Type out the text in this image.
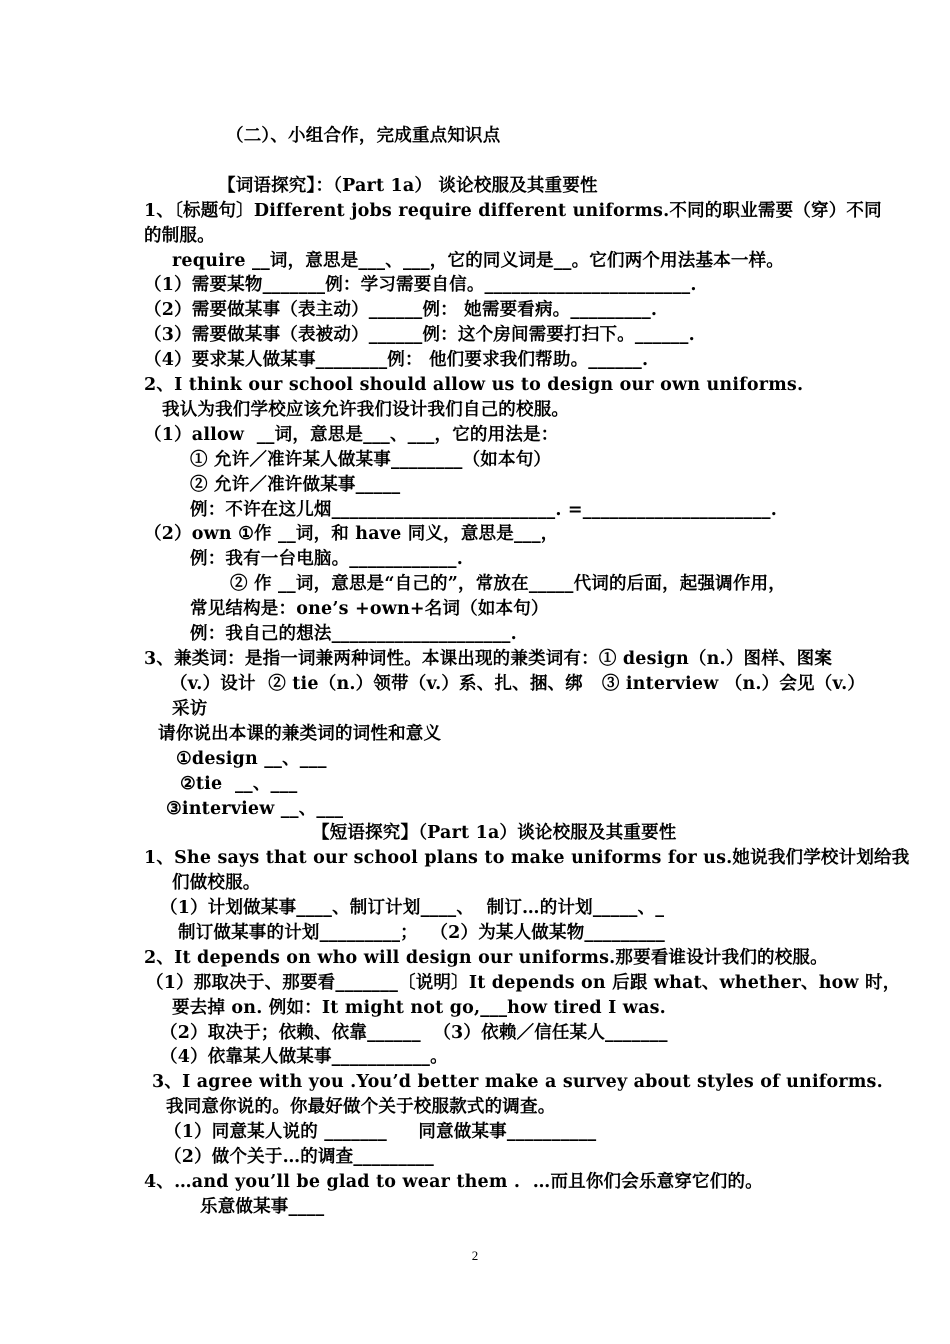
（二）、小组合作，完成重点知识点
【词语探究】：（Part 1a） 谈论校服及其重要性
1、〔标题句〕Different jobs require different uniforms.不同的职业需要（穿）不同
的制服。
require __词，意思是___、___，它的同义词是__。它们两个用法基本一样。
（1）需要某物_______例：学习需要自信。_______________________.
（2）需要做某事（表主动）______例： 她需要看病。_________.
（3）需要做某事（表被动）______例：这个房间需要打扫下。______.
（4）要求某人做某事________例： 他们要求我们帮助。______.
2、I think our school should allow us to design our own uniforms.
我认为我们学校应该允许我们设计我们自己的校服。
（1）allow  __词，意思是___、___，它的用法是：
① 允许／准许某人做某事________（如本句）
② 允许／准许做某事_____
例：不许在这儿烟_________________________. =_____________________.
（2）own ①作 __词，和 have 同义，意思是___，
例：我有一台电脑。____________.
② 作 __词，意思是“自己的”，常放在_____代词的后面，起强调作用，
常见结构是：one’s +own+名词（如本句）
例：我自己的想法____________________.
3、兼类词：是指一词兼两种词性。本课出现的兼类词有：① design（n.）图样、图案
（v.）设计  ② tie（n.）领带（v.）系、扎、捆、绑   ③ interview （n.）会见（v.）
采访
请你说出本课的兼类词的词性和意义
①design __、___
②tie  __、___
③interview __、___
【短语探究】（Part 1a）谈论校服及其重要性
1、She says that our school plans to make uniforms for us.她说我们学校计划给我
们做校服。
（1）计划做某事____、制订计划____、  制订…的计划_____、_
制订做某事的计划_________；  （2）为某人做某物_________
2、It depends on who will design our uniforms.那要看谁设计我们的校服。
（1）那取决于、那要看_______〔说明〕It depends on 后跟 what、whether、how 时，
要去掉 on. 例如：It might not go,___how tired I was.
（2）取决于；依赖、依靠______  （3）依赖／信任某人_______
（4）依靠某人做某事___________。
3、I agree with you .You’d better make a survey about styles of uniforms.
我同意你说的。你最好做个关于校服款式的调查。
（1）同意某人说的 _______     同意做某事__________
（2）做个关于…的调查_________
4、…and you’ll be glad to wear them .  …而且你们会乐意穿它们的。
乐意做某事____
2
